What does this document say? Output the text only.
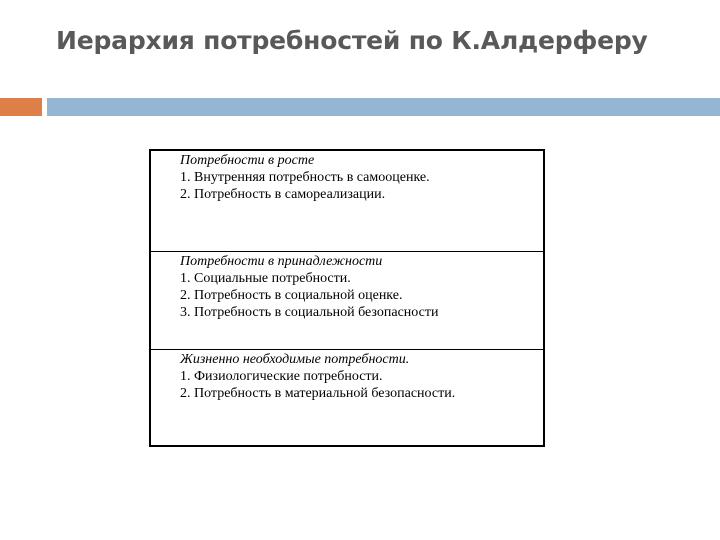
Иерархия потребностей по К.Алдерферу
Потребности в росте
1. Внутренняя потребность в самооценке.
2. Потребность в самореализации.
Потребности в принадлежности
1. Социальные потребности.
2. Потребность в социальной оценке.
3. Потребность в социальной безопасности
Жизненно необходимые потребности.
1. Физиологические потребности.
2. Потребность в материальной безопасности.
